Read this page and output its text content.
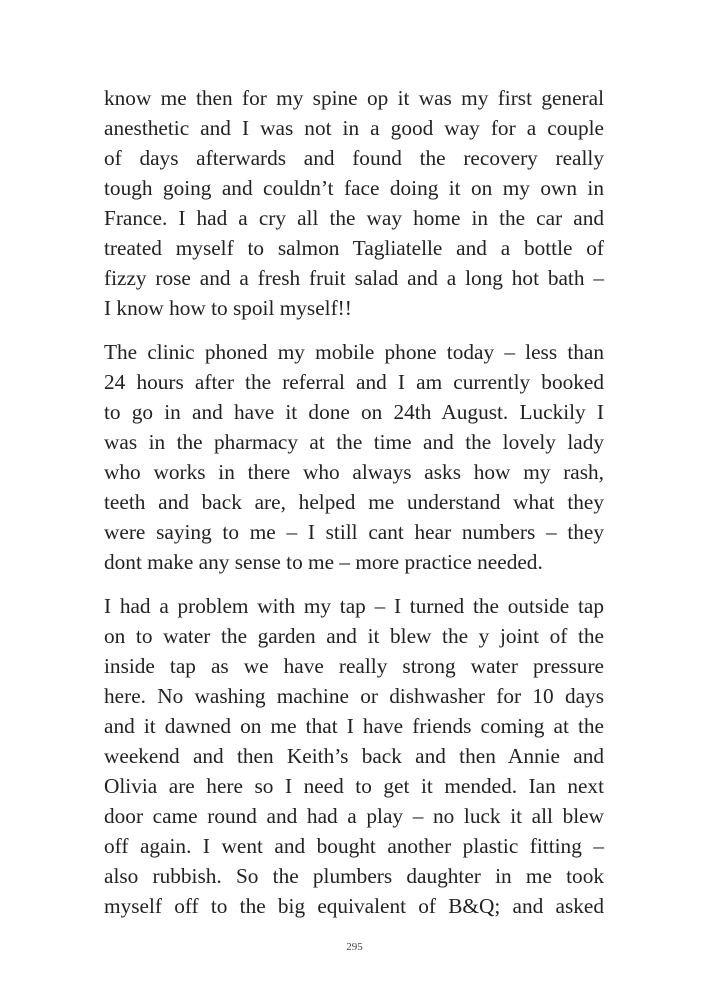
know me then for my spine op it was my first general
anesthetic and I was not in a good way for a couple
of days afterwards and found the recovery really
tough going and couldn’t face doing it on my own in
France. I had a cry all the way home in the car and
treated myself to salmon Tagliatelle and a bottle of
fizzy rose and a fresh fruit salad and a long hot bath –
I know how to spoil myself!!

The clinic phoned my mobile phone today – less than
24 hours after the referral and I am currently booked
to go in and have it done on 24th August. Luckily I
was in the pharmacy at the time and the lovely lady
who works in there who always asks how my rash,
teeth and back are, helped me understand what they
were saying to me – I still cant hear numbers – they
dont make any sense to me – more practice needed.

I had a problem with my tap – I turned the outside tap
on to water the garden and it blew the y joint of the
inside tap as we have really strong water pressure
here. No washing machine or dishwasher for 10 days
and it dawned on me that I have friends coming at the
weekend and then Keith’s back and then Annie and
Olivia are here so I need to get it mended. Ian next
door came round and had a play – no luck it all blew
off again. I went and bought another plastic fitting –
also rubbish. So the plumbers daughter in me took
myself off to the big equivalent of B&Q; and asked

295
